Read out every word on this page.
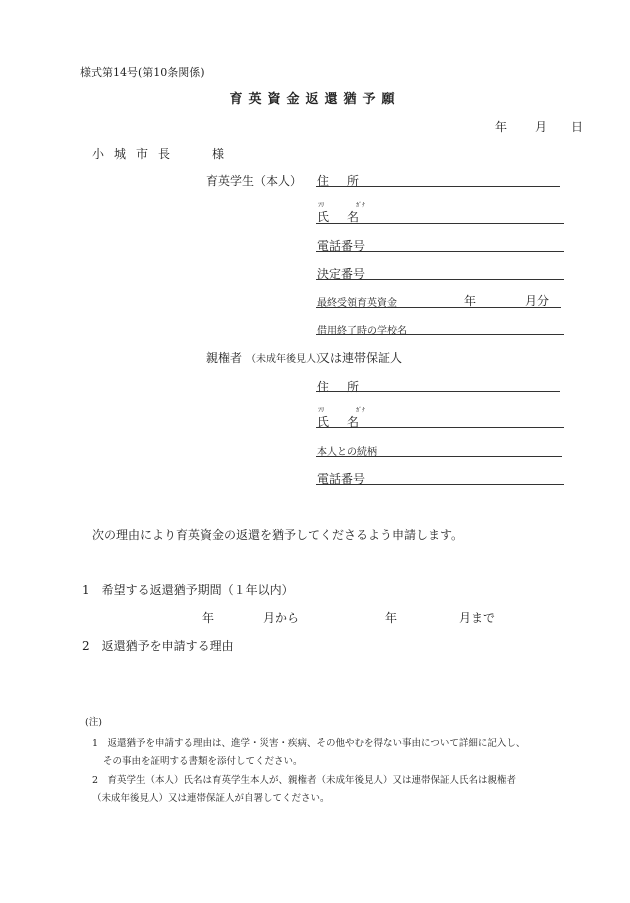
様式第14号(第10条関係)
育英資金返還猶予願
年 月 日
小城市長	様
育英学生（本人） 住　所
ﾌﾘ	ｶﾞﾅ
氏　名
電話番号
決定番号
最終受領育英資金	年	月分
借用終了時の学校名
親権者 （未成年後見人）
又は連帯保証人
住　所
ﾌﾘ	ｶﾞﾅ
氏　名
本人との続柄
電話番号
次の理由により育英資金の返還を猶予してくださるよう申請します。
1　希望する返還猶予期間（１年以内）
年	月から	年	月まで
2　返還猶予を申請する理由
(注)
1　返還猶予を申請する理由は、進学・災害・疾病、その他やむを得ない事由について詳細に記入し、
その事由を証明する書類を添付してください。
2　育英学生（本人）氏名は育英学生本人が、親権者（未成年後見人）又は連帯保証人氏名は親権者
（未成年後見人）又は連帯保証人が自署してください。
